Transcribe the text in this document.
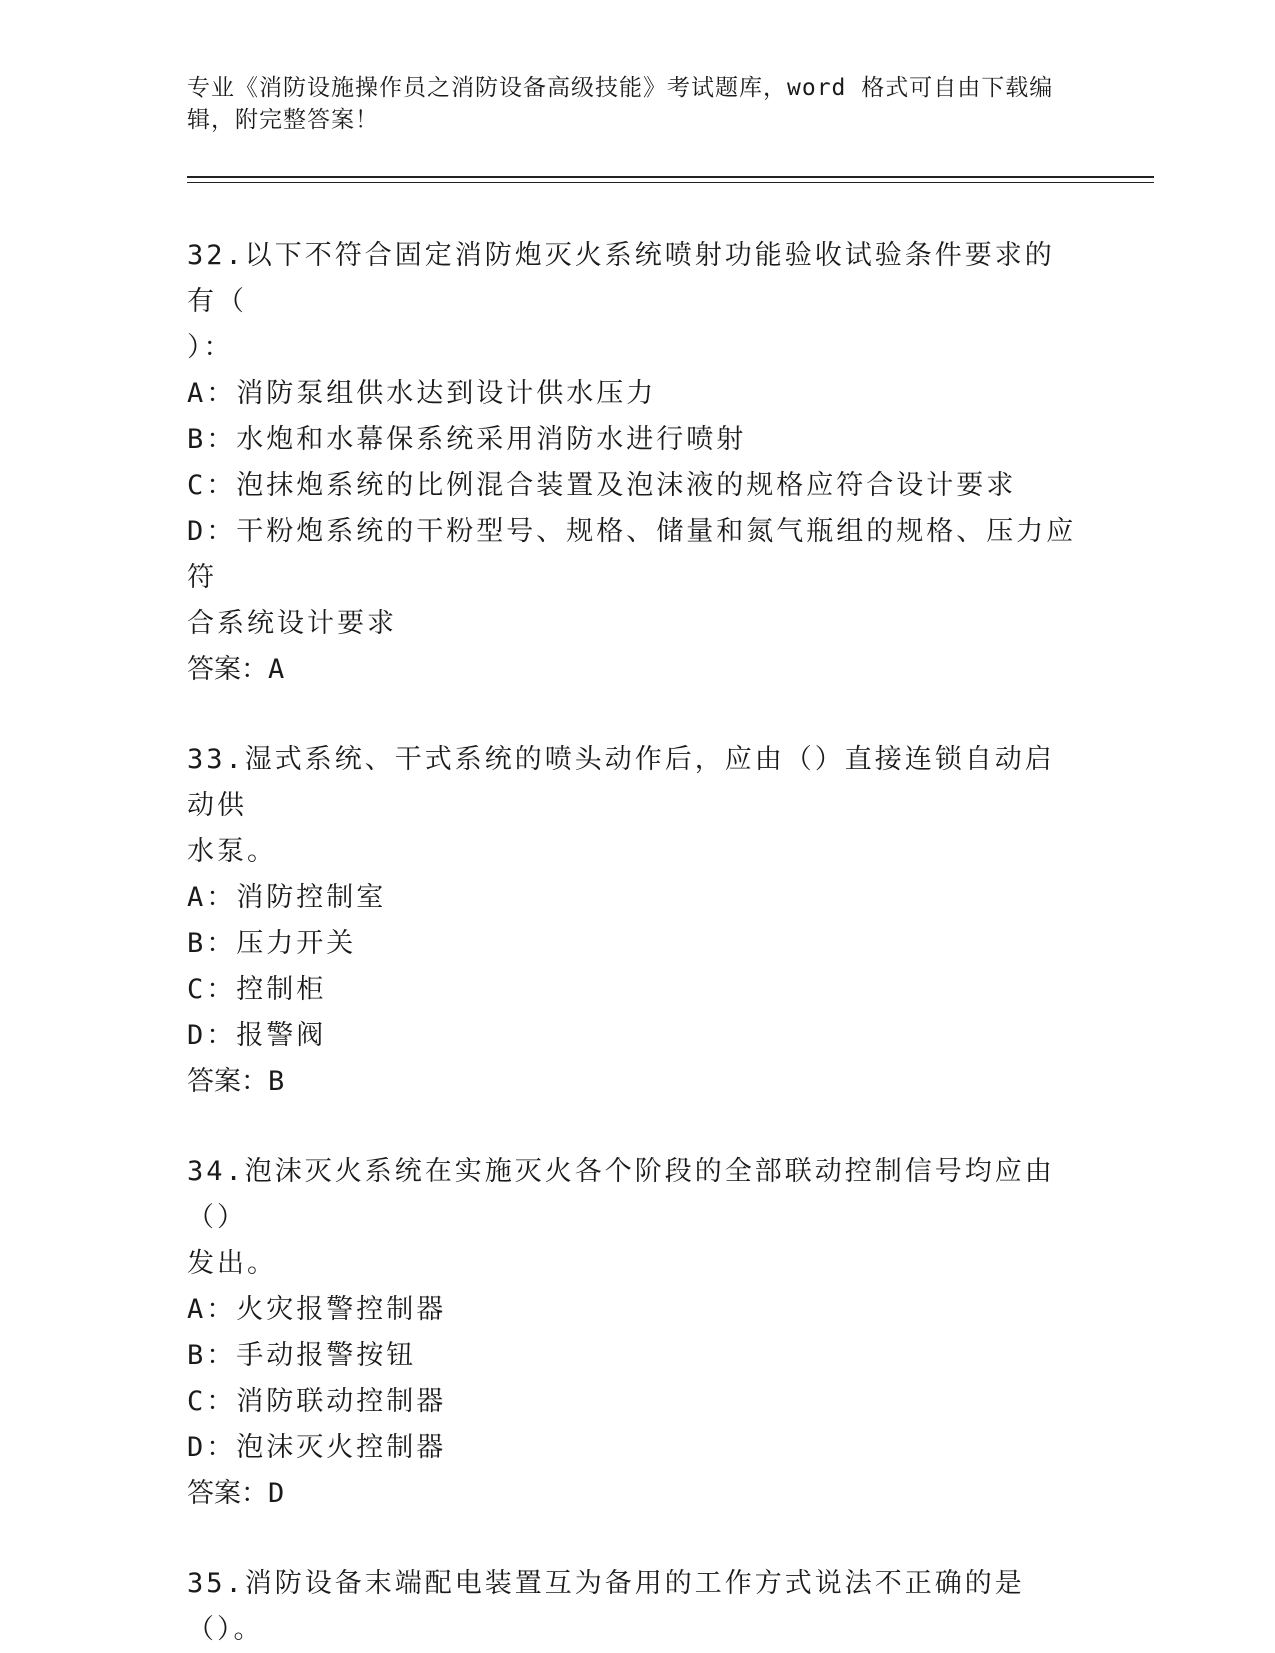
专业《消防设施操作员之消防设备高级技能》考试题库，word 格式可自由下载编
辑，附完整答案！
32.以下不符合固定消防炮灭火系统喷射功能验收试验条件要求的有（
）：
A：消防泵组供水达到设计供水压力
B：水炮和水幕保系统采用消防水进行喷射
C：泡抹炮系统的比例混合装置及泡沫液的规格应符合设计要求
D：干粉炮系统的干粉型号、规格、储量和氮气瓶组的规格、压力应符
合系统设计要求
答案：A
33.湿式系统、干式系统的喷头动作后，应由（）直接连锁自动启动供
水泵。
A：消防控制室
B：压力开关
C：控制柜
D：报警阀
答案：B
34.泡沫灭火系统在实施灭火各个阶段的全部联动控制信号均应由（）
发出。
A：火灾报警控制器
B：手动报警按钮
C：消防联动控制器
D：泡沫灭火控制器
答案：D
35.消防设备末端配电装置互为备用的工作方式说法不正确的是（）。
